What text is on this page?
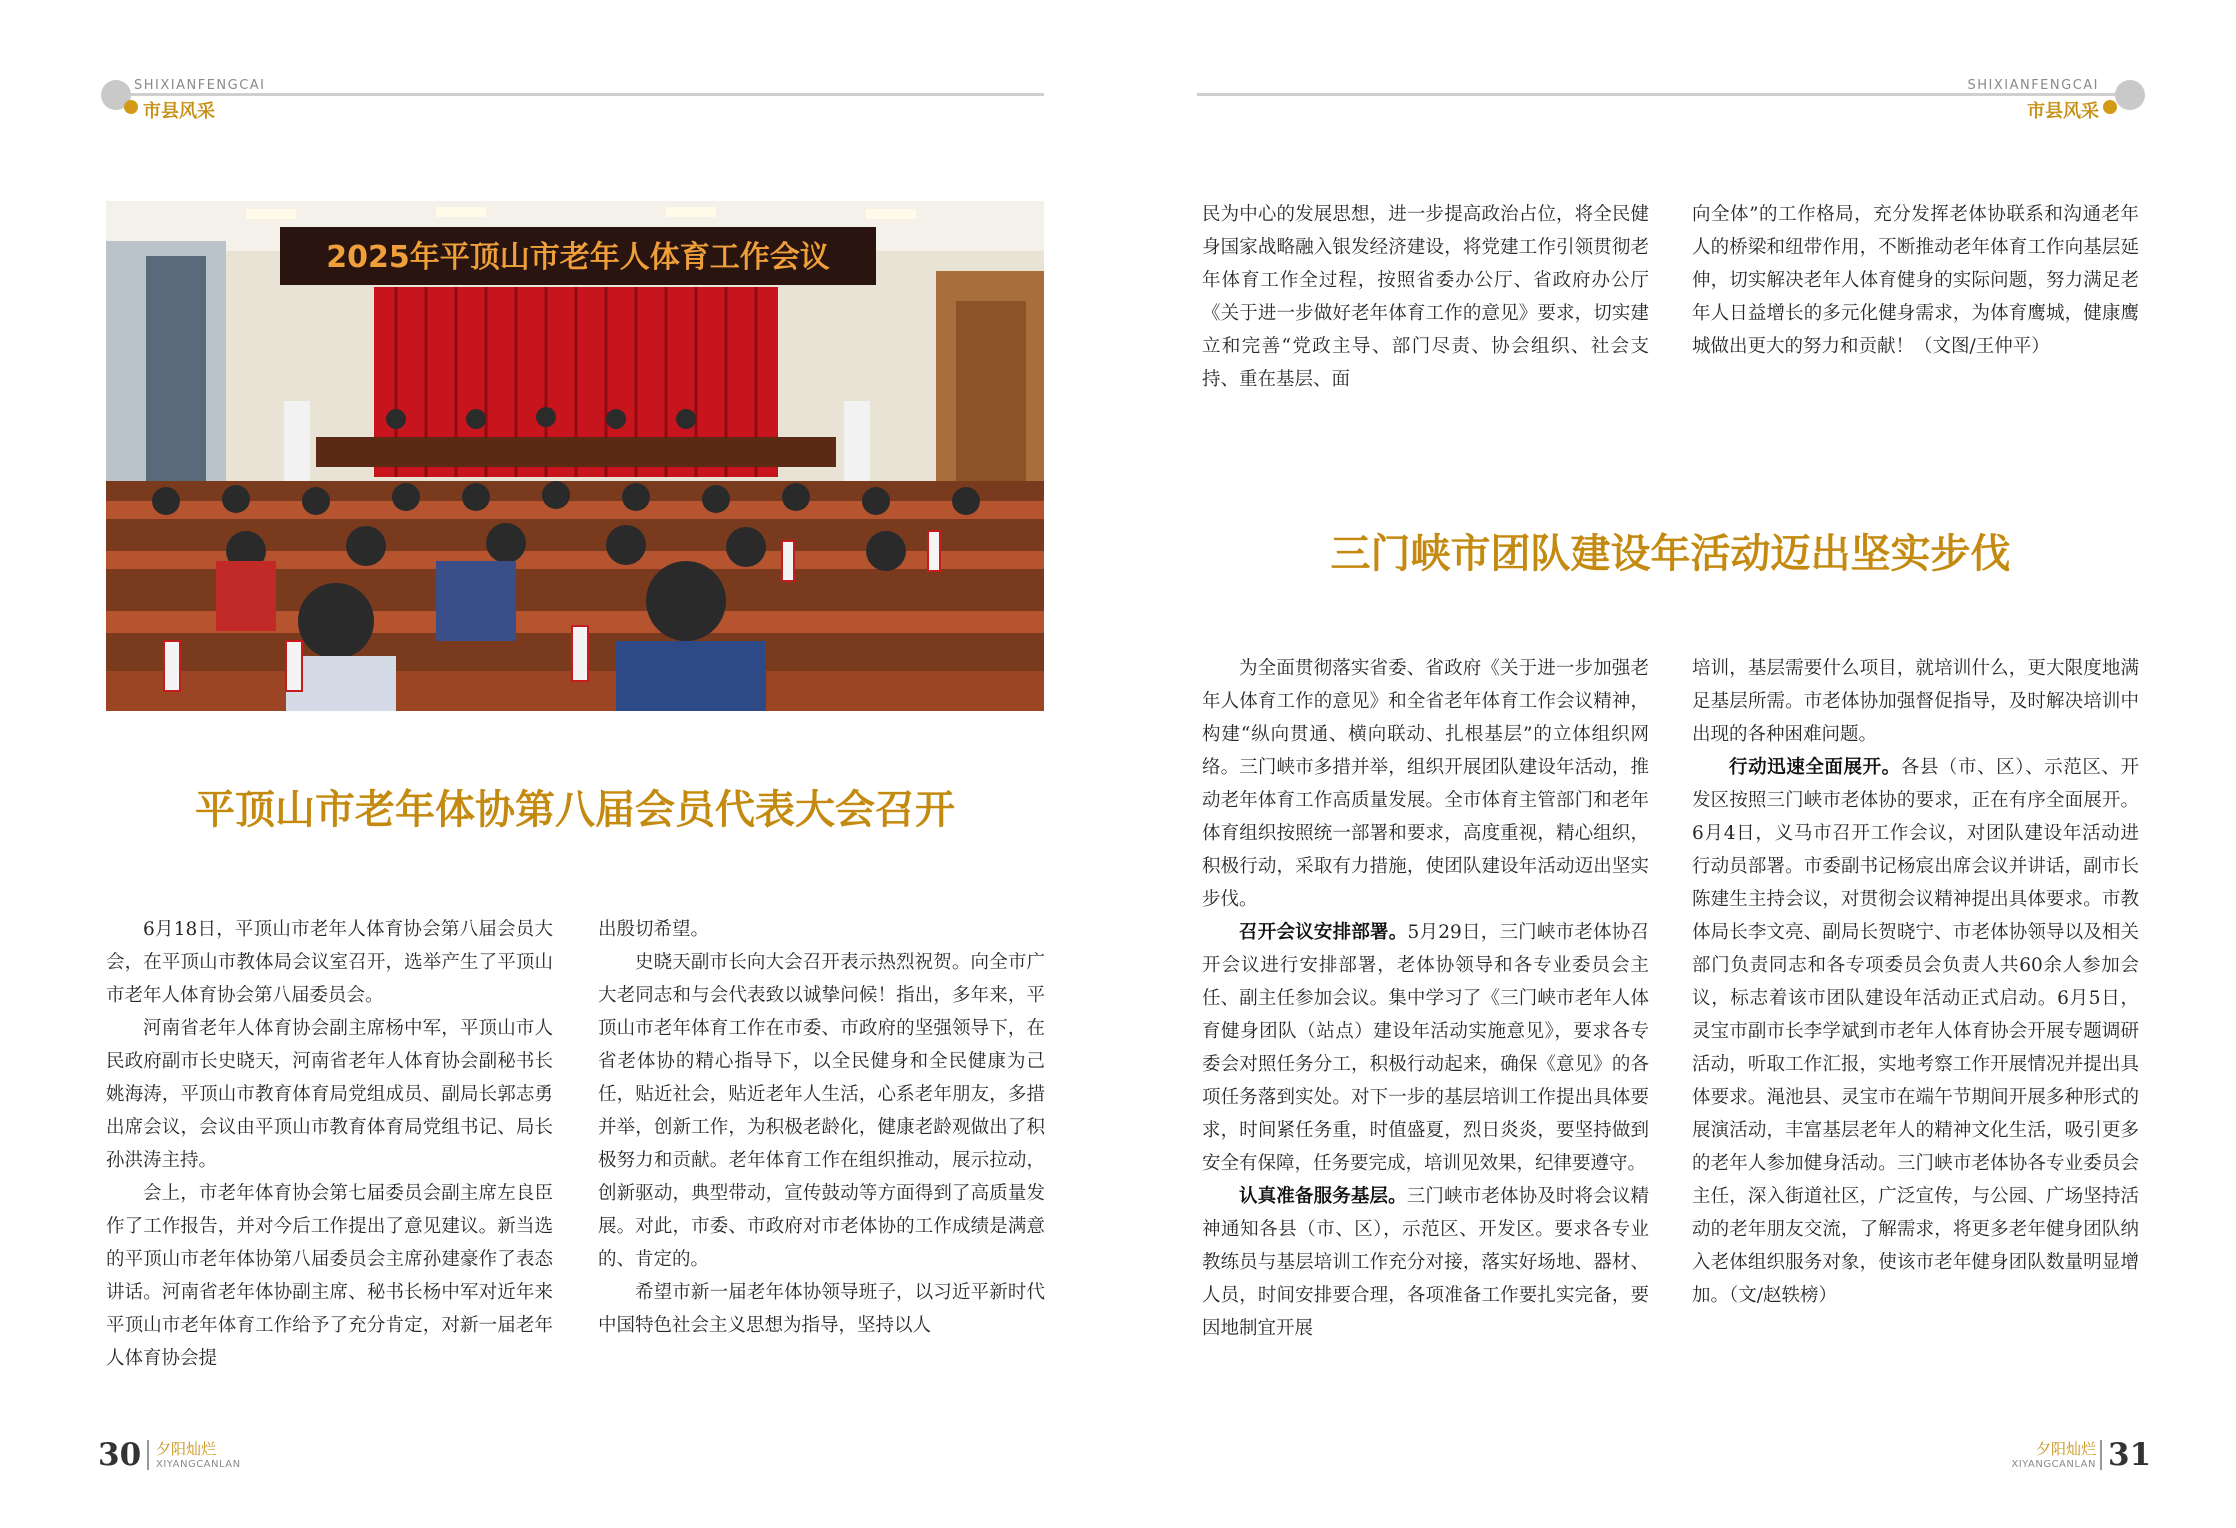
SHIXIANFENGCAI
市县风采
SHIXIANFENGCAI
市县风采
2025年平顶山市老年人体育工作会议
平顶山市老年体协第八届会员代表大会召开

6月18日，平顶山市老年人体育协会第八届会员大会，在平顶山市教体局会议室召开，选举产生了平顶山市老年人体育协会第八届委员会。

河南省老年人体育协会副主席杨中军，平顶山市人民政府副市长史晓天，河南省老年人体育协会副秘书长姚海涛，平顶山市教育体育局党组成员、副局长郭志勇出席会议，会议由平顶山市教育体育局党组书记、局长孙洪涛主持。

会上，市老年体育协会第七届委员会副主席左良臣作了工作报告，并对今后工作提出了意见建议。新当选的平顶山市老年体协第八届委员会主席孙建豪作了表态讲话。河南省老年体协副主席、秘书长杨中军对近年来平顶山市老年体育工作给予了充分肯定，对新一届老年人体育协会提

出殷切希望。

史晓天副市长向大会召开表示热烈祝贺。向全市广大老同志和与会代表致以诚挚问候！指出，多年来，平顶山市老年体育工作在市委、市政府的坚强领导下，在省老体协的精心指导下，以全民健身和全民健康为己任，贴近社会，贴近老年人生活，心系老年朋友，多措并举，创新工作，为积极老龄化，健康老龄观做出了积极努力和贡献。老年体育工作在组织推动，展示拉动，创新驱动，典型带动，宣传鼓动等方面得到了高质量发展。对此，市委、市政府对市老体协的工作成绩是满意的、肯定的。

希望市新一届老年体协领导班子，以习近平新时代中国特色社会主义思想为指导，坚持以人

民为中心的发展思想，进一步提高政治占位，将全民健身国家战略融入银发经济建设，将党建工作引领贯彻老年体育工作全过程，按照省委办公厅、省政府办公厅《关于进一步做好老年体育工作的意见》要求，切实建立和完善“党政主导、部门尽责、协会组织、社会支持、重在基层、面

向全体”的工作格局，充分发挥老体协联系和沟通老年人的桥梁和纽带作用，不断推动老年体育工作向基层延伸，切实解决老年人体育健身的实际问题，努力满足老年人日益增长的多元化健身需求，为体育鹰城，健康鹰城做出更大的努力和贡献！（文图/王仲平）

三门峡市团队建设年活动迈出坚实步伐

为全面贯彻落实省委、省政府《关于进一步加强老年人体育工作的意见》和全省老年体育工作会议精神，构建“纵向贯通、横向联动、扎根基层”的立体组织网络。三门峡市多措并举，组织开展团队建设年活动，推动老年体育工作高质量发展。全市体育主管部门和老年体育组织按照统一部署和要求，高度重视，精心组织，积极行动，采取有力措施，使团队建设年活动迈出坚实步伐。

召开会议安排部署。5月29日，三门峡市老体协召开会议进行安排部署，老体协领导和各专业委员会主任、副主任参加会议。集中学习了《三门峡市老年人体育健身团队（站点）建设年活动实施意见》，要求各专委会对照任务分工，积极行动起来，确保《意见》的各项任务落到实处。对下一步的基层培训工作提出具体要求，时间紧任务重，时值盛夏，烈日炎炎，要坚持做到安全有保障，任务要完成，培训见效果，纪律要遵守。

认真准备服务基层。三门峡市老体协及时将会议精神通知各县（市、区），示范区、开发区。要求各专业教练员与基层培训工作充分对接，落实好场地、器材、人员，时间安排要合理，各项准备工作要扎实完备，要因地制宜开展

培训，基层需要什么项目，就培训什么，更大限度地满足基层所需。市老体协加强督促指导，及时解决培训中出现的各种困难问题。

行动迅速全面展开。各县（市、区）、示范区、开发区按照三门峡市老体协的要求，正在有序全面展开。6月4日，义马市召开工作会议，对团队建设年活动进行动员部署。市委副书记杨宸出席会议并讲话，副市长陈建生主持会议，对贯彻会议精神提出具体要求。市教体局长李文亮、副局长贺晓宁、市老体协领导以及相关部门负责同志和各专项委员会负责人共60余人参加会议，标志着该市团队建设年活动正式启动。6月5日，灵宝市副市长李学斌到市老年人体育协会开展专题调研活动，听取工作汇报，实地考察工作开展情况并提出具体要求。渑池县、灵宝市在端午节期间开展多种形式的展演活动，丰富基层老年人的精神文化生活，吸引更多的老年人参加健身活动。三门峡市老体协各专业委员会主任，深入街道社区，广泛宣传，与公园、广场坚持活动的老年朋友交流，了解需求，将更多老年健身团队纳入老体组织服务对象，使该市老年健身团队数量明显增加。（文/赵轶榜）

30 夕阳灿烂
XIYANGCANLAN
夕阳灿烂
XIYANGCANLAN 31
